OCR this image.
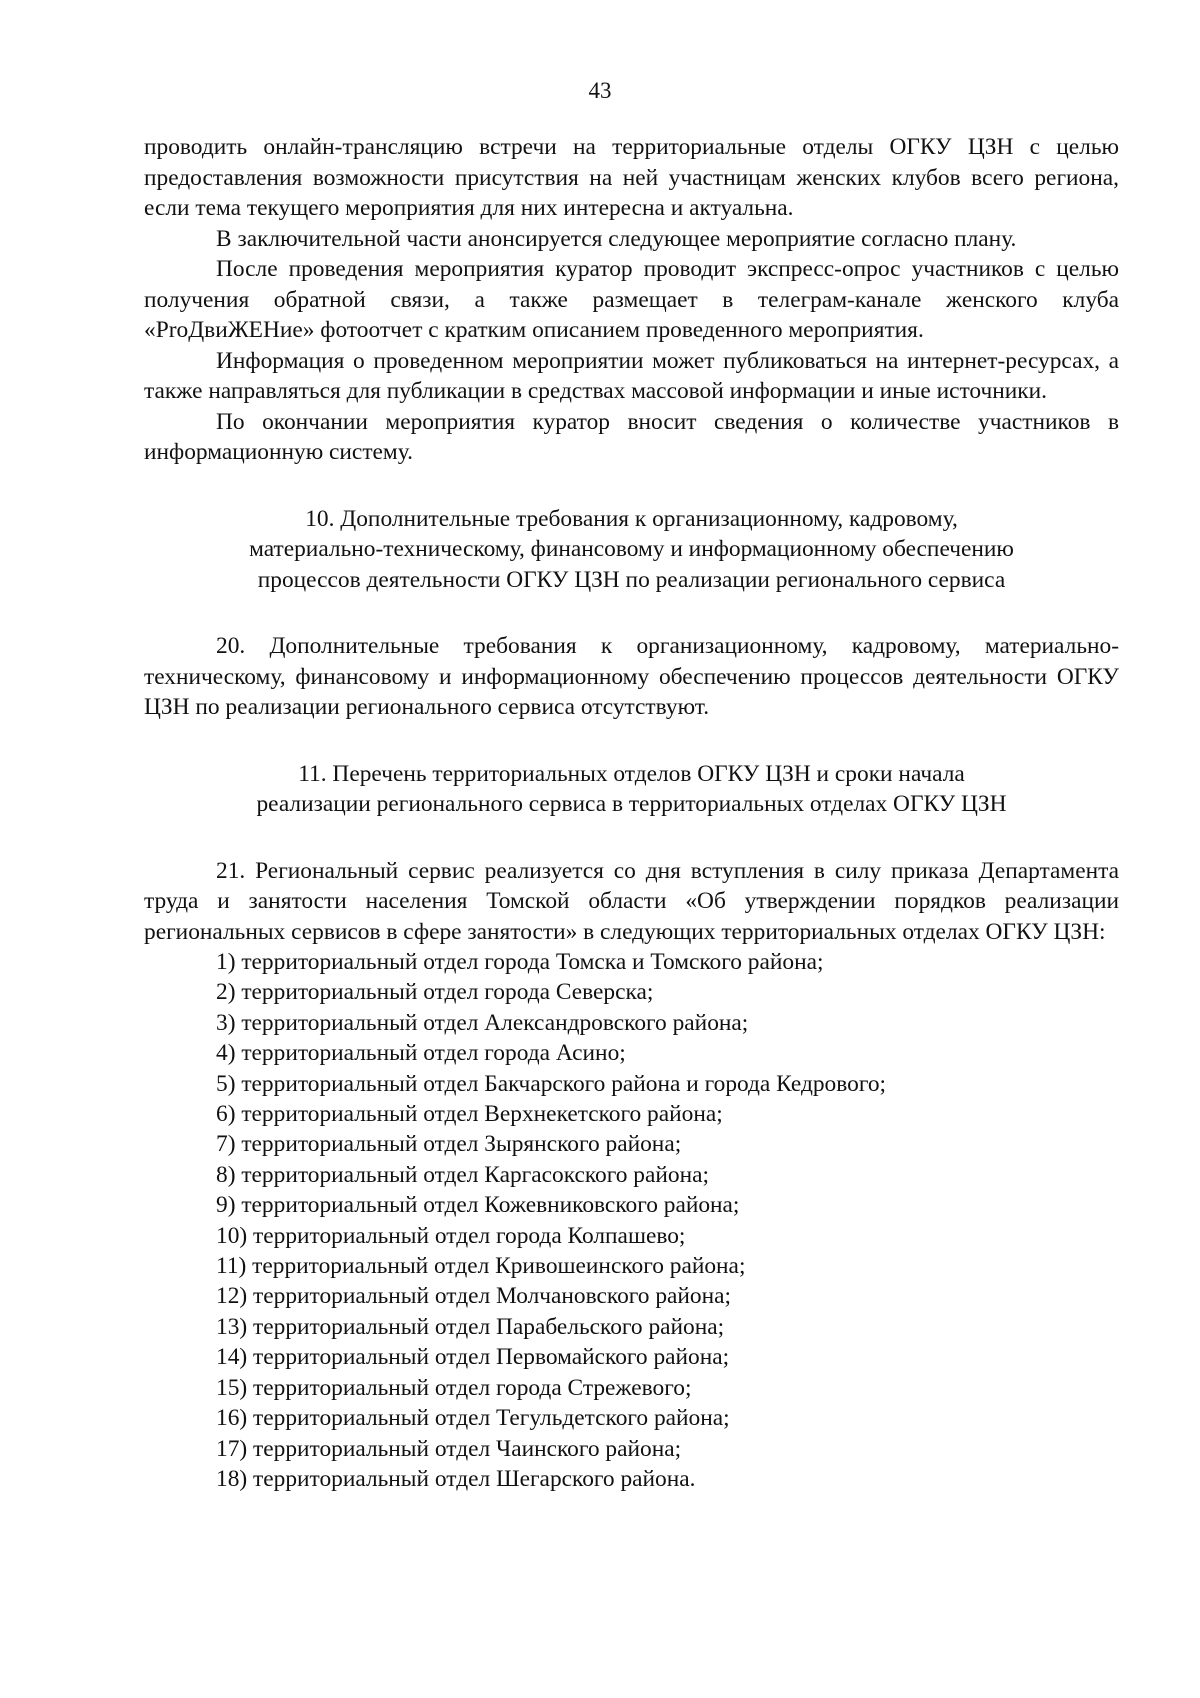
43

проводить онлайн-трансляцию встречи на территориальные отделы ОГКУ ЦЗН с целью предоставления возможности присутствия на ней участницам женских клубов всего региона, если тема текущего мероприятия для них интересна и актуальна.

В заключительной части анонсируется следующее мероприятие согласно плану.

После проведения мероприятия куратор проводит экспресс-опрос участников с целью получения обратной связи, а также размещает в телеграм-канале женского клуба «ProДвиЖЕНие» фотоотчет с кратким описанием проведенного мероприятия.

Информация о проведенном мероприятии может публиковаться на интернет-ресурсах, а также направляться для публикации в средствах массовой информации и иные источники.

По окончании мероприятия куратор вносит сведения о количестве участников в информационную систему.

10. Дополнительные требования к организационному, кадровому,
материально-техническому, финансовому и информационному обеспечению
процессов деятельности ОГКУ ЦЗН по реализации регионального сервиса

20. Дополнительные требования к организационному, кадровому, материально-техническому, финансовому и информационному обеспечению процессов деятельности ОГКУ ЦЗН по реализации регионального сервиса отсутствуют.

11. Перечень территориальных отделов ОГКУ ЦЗН и сроки начала
реализации регионального сервиса в территориальных отделах ОГКУ ЦЗН

21. Региональный сервис реализуется со дня вступления в силу приказа Департамента труда и занятости населения Томской области «Об утверждении порядков реализации региональных сервисов в сфере занятости» в следующих территориальных отделах ОГКУ ЦЗН:

1) территориальный отдел города Томска и Томского района;
2) территориальный отдел города Северска;
3) территориальный отдел Александровского района;
4) территориальный отдел города Асино;
5) территориальный отдел Бакчарского района и города Кедрового;
6) территориальный отдел Верхнекетского района;
7) территориальный отдел Зырянского района;
8) территориальный отдел Каргасокского района;
9) территориальный отдел Кожевниковского района;
10) территориальный отдел города Колпашево;
11) территориальный отдел Кривошеинского района;
12) территориальный отдел Молчановского района;
13) территориальный отдел Парабельского района;
14) территориальный отдел Первомайского района;
15) территориальный отдел города Стрежевого;
16) территориальный отдел Тегульдетского района;
17) территориальный отдел Чаинского района;
18) территориальный отдел Шегарского района.
